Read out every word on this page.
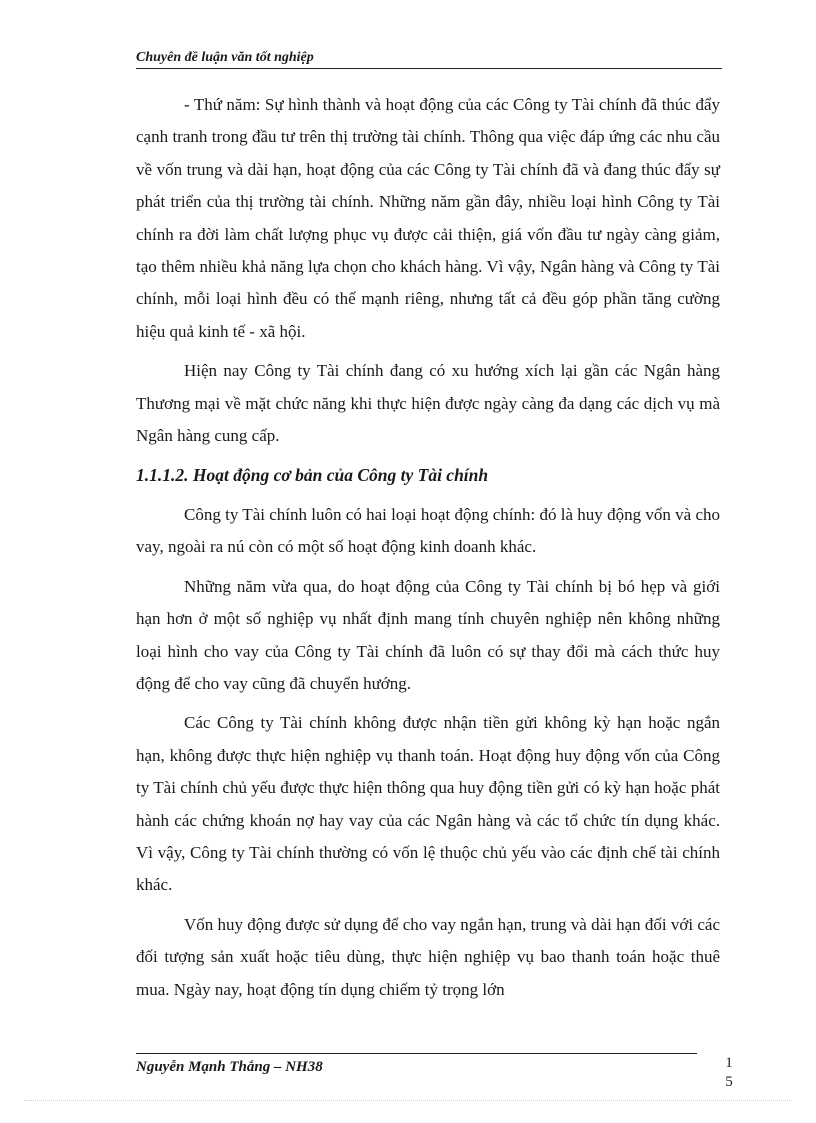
Chuyên đề luận văn tốt nghiệp

- Thứ năm: Sự hình thành và hoạt động của các Công ty Tài chính đã thúc đẩy cạnh tranh trong đầu tư trên thị trường tài chính. Thông qua việc đáp ứng các nhu cầu về vốn trung và dài hạn, hoạt động của các Công ty Tài chính đã và đang thúc đẩy sự phát triển của thị trường tài chính. Những năm gần đây, nhiều loại hình Công ty Tài chính ra đời làm chất lượng phục vụ được cải thiện, giá vốn đầu tư ngày càng giảm, tạo thêm nhiều khả năng lựa chọn cho khách hàng. Vì vậy, Ngân hàng và Công ty Tài chính, mỗi loại hình đều có thế mạnh riêng, nhưng tất cả đều góp phần tăng cường hiệu quả kinh tế - xã hội.

Hiện nay Công ty Tài chính đang có xu hướng xích lại gần các Ngân hàng Thương mại về mặt chức năng khi thực hiện được ngày càng đa dạng các dịch vụ mà Ngân hàng cung cấp.

1.1.1.2. Hoạt động cơ bản của Công ty Tài chính

Công ty Tài chính luôn có hai loại hoạt động chính: đó là huy động vốn và cho vay, ngoài ra nú còn có một số hoạt động kinh doanh khác.

Những năm vừa qua, do hoạt động của Công ty Tài chính bị bó hẹp và giới hạn hơn ở một số nghiệp vụ nhất định mang tính chuyên nghiệp nên không những loại hình cho vay của Công ty Tài chính đã luôn có sự thay đổi mà cách thức huy động để cho vay cũng đã chuyển hướng.

Các Công ty Tài chính không được nhận tiền gửi không kỳ hạn hoặc ngắn hạn, không được thực hiện nghiệp vụ thanh toán. Hoạt động huy động vốn của Công ty Tài chính chủ yếu được thực hiện thông qua huy động tiền gửi có kỳ hạn hoặc phát hành các chứng khoán nợ hay vay của các Ngân hàng và các tổ chức tín dụng khác. Vì vậy, Công ty Tài chính thường có vốn lệ thuộc chủ yếu vào các định chế tài chính khác.

Vốn huy động được sử dụng để cho vay ngắn hạn, trung và dài hạn đối với các đối tượng sản xuất hoặc tiêu dùng, thực hiện nghiệp vụ bao thanh toán hoặc thuê mua. Ngày nay, hoạt động tín dụng chiếm tỷ trọng lớn

Nguyễn Mạnh Thắng – NH38	15
